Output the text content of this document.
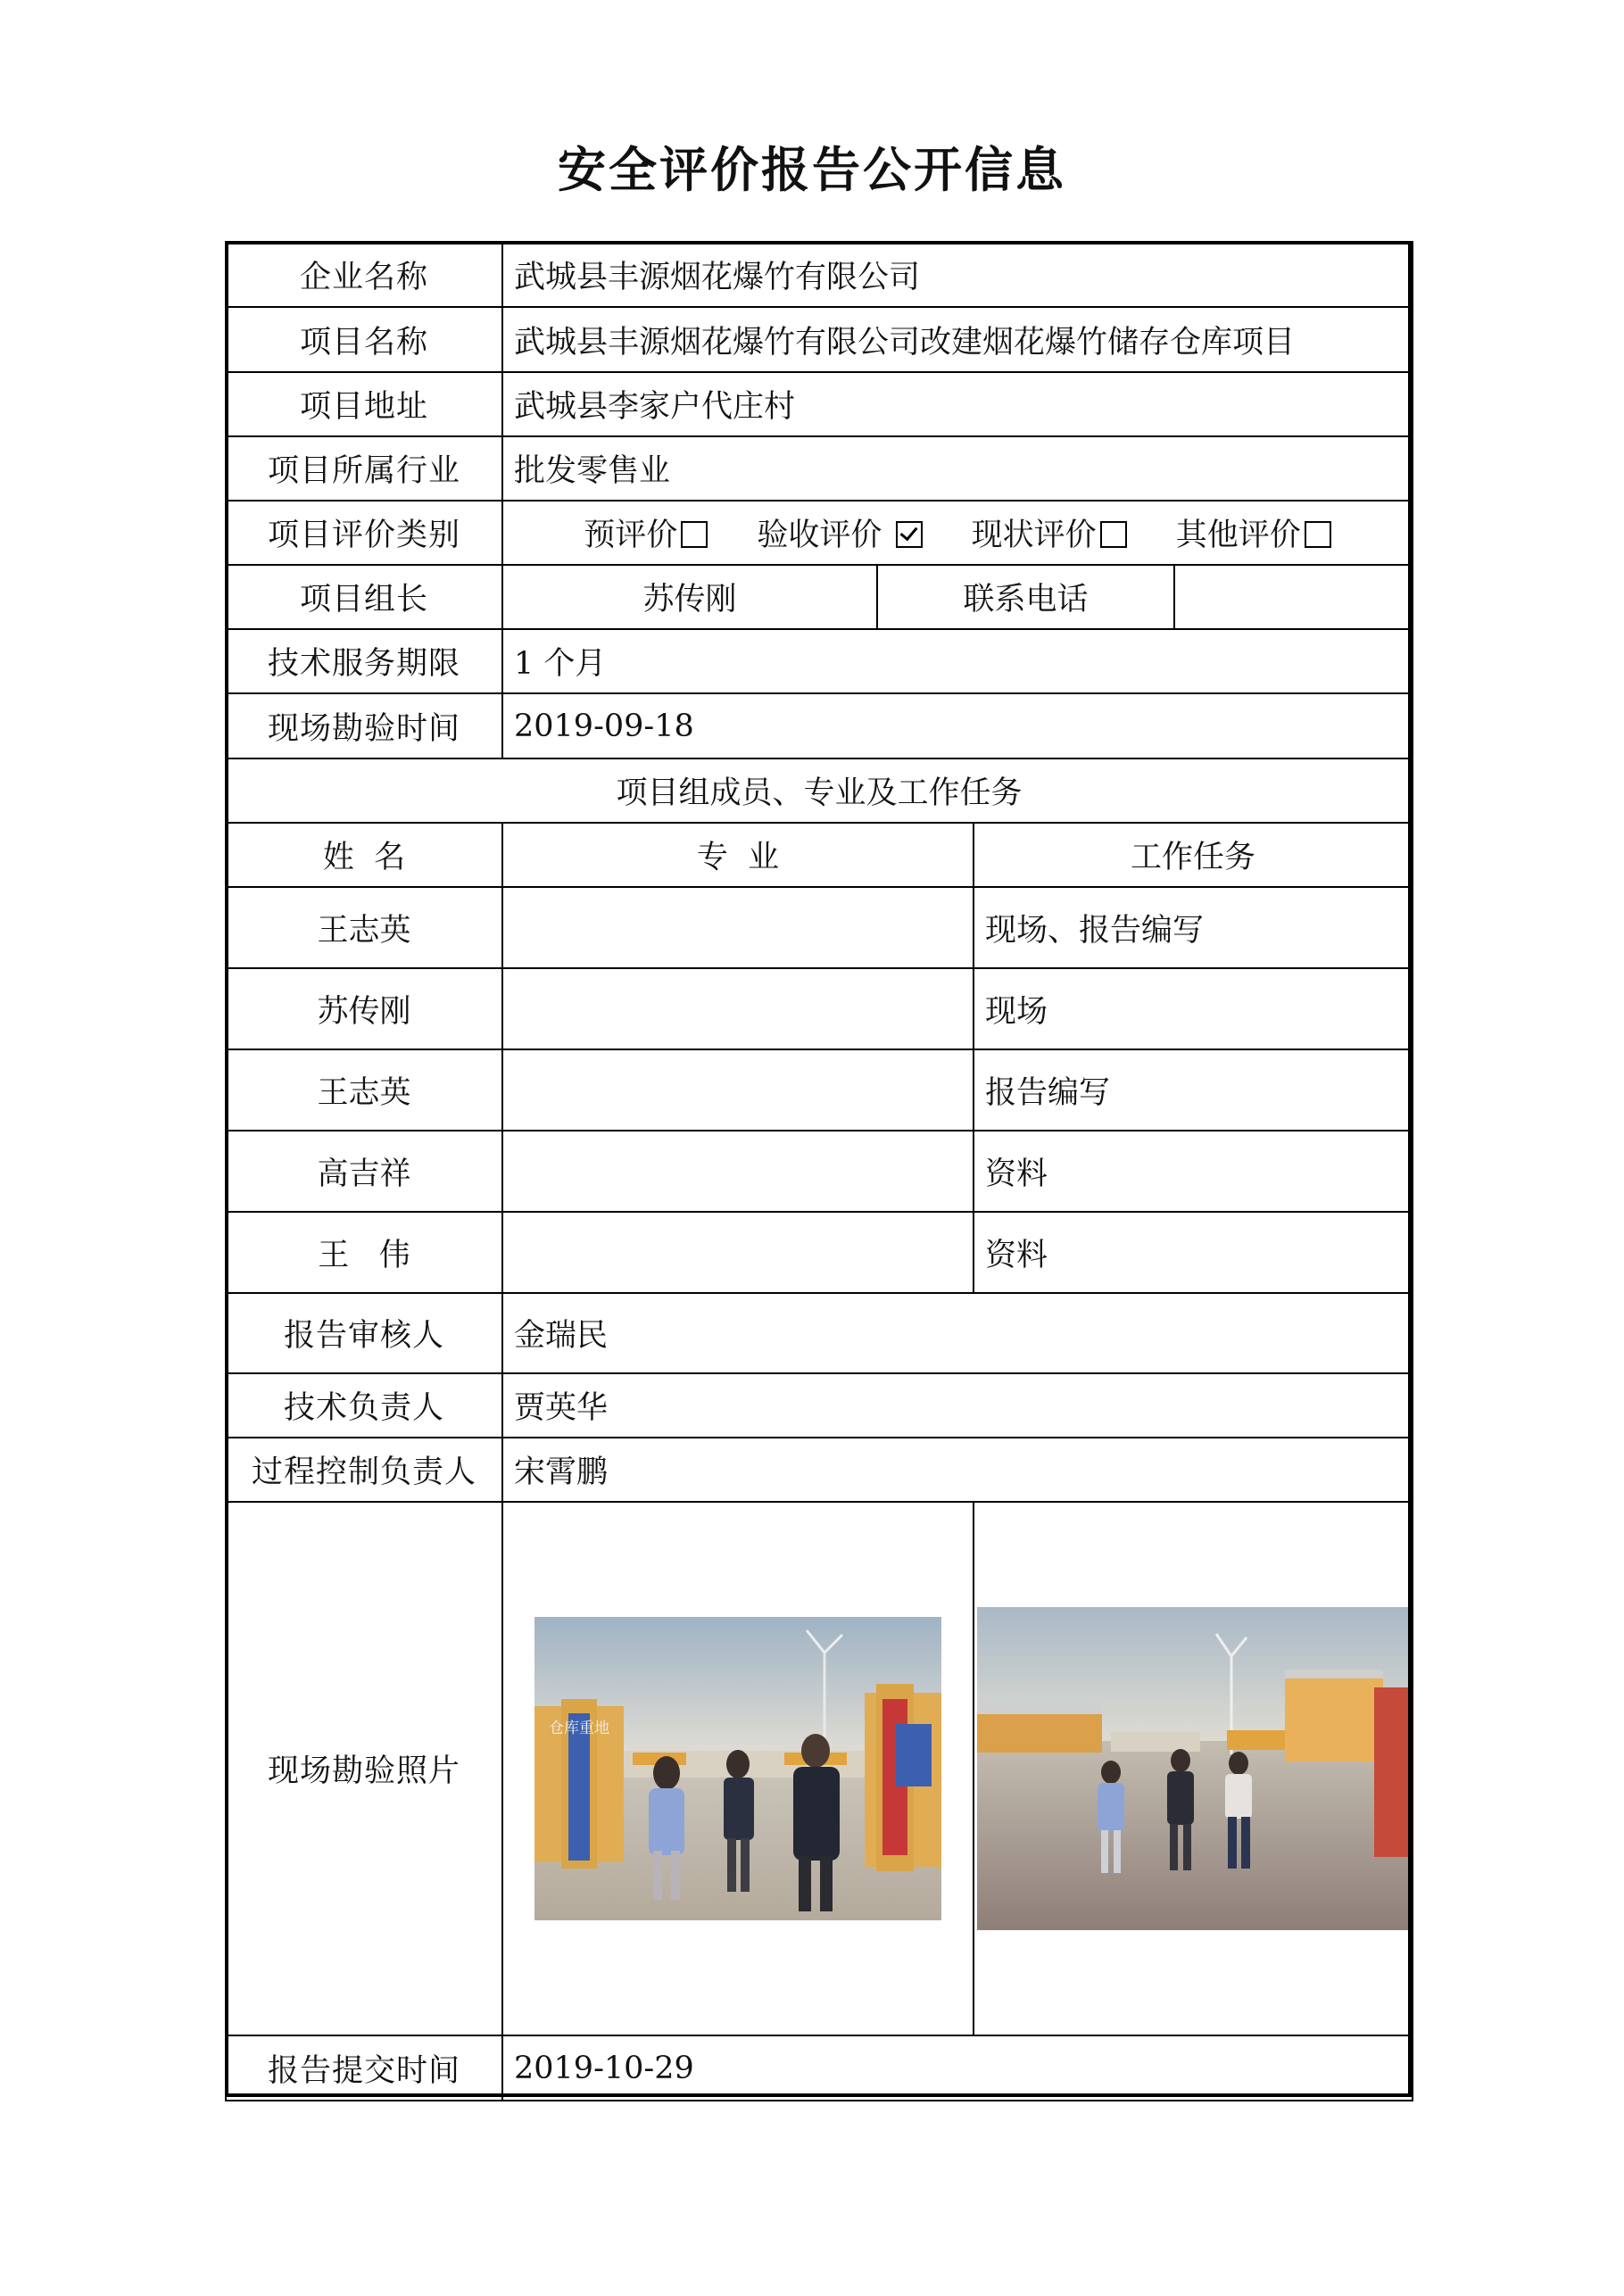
安全评价报告公开信息
企业名称	武城县丰源烟花爆竹有限公司			
项目名称	武城县丰源烟花爆竹有限公司改建烟花爆竹储存仓库项目			
项目地址	武城县李家户代庄村			
项目所属行业	批发零售业			
项目评价类别	预评价 验收评价 现状评价 其他评价			
项目组长	苏传刚	联系电话		
技术服务期限	1 个月			
现场勘验时间	2019-09-18			
项目组成员、专业及工作任务				
姓  名	专  业		工作任务	
王志英			现场、报告编写	
苏传刚			现场	
王志英			报告编写	
高吉祥			资料	
王   伟			资料	
报告审核人	金瑞民			
技术负责人	贾英华			
过程控制负责人	宋霄鹏			
现场勘验照片	仓库重地

报告提交时间	2019-10-29			
